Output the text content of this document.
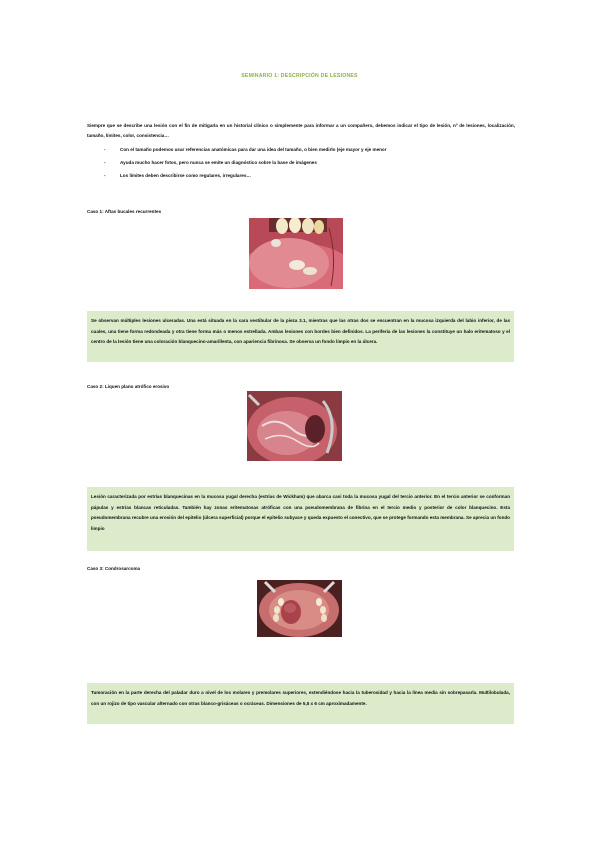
SEMINARIO 1: DESCRIPCIÓN DE LESIONES
Siempre que se describe una lesión con el fin de mitigarla en un historial clínico o simplemente para informar a un compañero, debemos indicar el tipo de lesión, nº de lesiones, localización, tamaño, límites, color, consistencia…
-	Con el tamaño podemos usar referencias anatómicas para dar una idea del tamaño, o bien medirlo (eje mayor y eje menor
-	Ayuda mucho hacer fotos, pero nunca se emite un diagnóstico sobre la base de imágenes
-	Los límites deben describirse como regulares, irregulares…
Caso 1: Aftas bucales recurrentes
Se observan múltiples lesiones ulceradas. Una está situada en la cara vestibular de la pieza 3.1, mientras que las otras dos se encuentran en la mucosa izquierda del labio inferior, de las cuales, una tiene forma redondeada y otra tiene forma más o menos estrellada. Ambas lesiones con bordes bien definidos. La periferia de las lesiones la constituye un halo eritematoso y el centro de la lesión tiene una coloración blanquecino-amarillenta, con apariencia fibrinosa. Se observa un fondo limpio en la úlcera.
Caso 2: Liquen plano atrófico erosivo
Lesión caracterizada por estrías blanquecinas en la mucosa yugal derecha (estrías de Wickham) que abarca casi toda la mucosa yugal del tercio anterior. En el tercio anterior se conforman pápulas y estrías blancas reticuladas. También hay zonas eritematosas atróficas con una pseudomembrana de fibrina en el tercio medio y posterior de color blanquecino. Esta pseudomembrana recubre una erosión del epitelio (úlcera superficial) porque el epitelio subyace y queda expuesto el conectivo, que se protege formando esta membrana. Se aprecia un fondo limpio
Caso 3: Condrosarcoma
Tumoración en la parte derecha del paladar duro a nivel de los molares y premolares superiores, extendiéndose hacia la tuberosidad y hacia la línea media sin sobrepasarla. Multilobulada, con un rojizo de tipo vascular alternado con otras blanco-grisáceas o ocráceas. Dimensiones de 5,5 x 6 cm aproximadamente.
